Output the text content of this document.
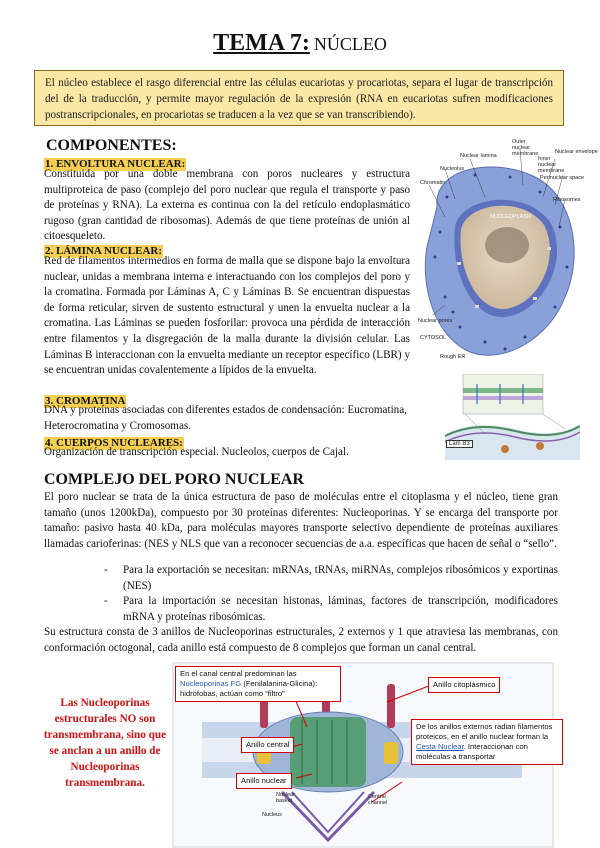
TEMA 7: NÚCLEO
El núcleo establece el rasgo diferencial entre las células eucariotas y procariotas, separa el lugar de transcripción del de la traducción, y permite mayor regulación de la expresión (RNA en eucariotas sufren modificaciones postranscripcionales, en procariotas se traducen a la vez que se van transcribiendo).
COMPONENTES:
1. ENVOLTURA NUCLEAR:
Constituida por una doble membrana con poros nucleares y estructura multiproteica de paso (complejo del poro nuclear que regula el transporte y paso de proteínas y RNA). La externa es continua con la del retículo endoplasmático rugoso (gran cantidad de ribosomas). Además de que tiene proteínas de unión al citoesqueleto.
2. LÁMINA NUCLEAR:
Red de filamentos intermedios en forma de malla que se dispone bajo la envoltura nuclear, unidas a membrana interna e interactuando con los complejos del poro y la cromatina. Formada por Láminas A, C y Láminas B. Se encuentran dispuestas de forma reticular, sirven de sustento estructural y unen la envuelta nuclear a la cromatina. Las Láminas se pueden fosforilar: provoca una pérdida de interacción entre filamentos y la disgregación de la malla durante la división celular. Las Láminas B interaccionan con la envuelta mediante un receptor específico (LBR) y se encuentran unidas covalentemente a lípidos de la envuelta.
3. CROMATINA
DNA y proteínas asociadas con diferentes estados de condensación: Eucromatina, Heterocromatina y Cromosomas.
4. CUERPOS NUCLEARES:
Organización de transcripción especial. Nucleolos, cuerpos de Cajal.
Outer nuclear membrane
Nuclear lamina	Inner nuclear membrane
Nuclear envelope
Nucleolus
Perinuclear space
Chromatin
Ribosomes
NUCLEOPLASM
Nuclear pores
CYTOSOL
Rough ER
Lam B3
COMPLEJO DEL PORO NUCLEAR
El poro nuclear se trata de la única estructura de paso de moléculas entre el citoplasma y el núcleo, tiene gran tamaño (unos 1200kDa), compuesto por 30 proteínas diferentes: Nucleoporinas. Y se encarga del transporte por tamaño: pasivo hasta 40 kDa, para moléculas mayores transporte selectivo dependiente de proteínas auxiliares llamadas carioferinas: (NES y NLS que van a reconocer secuencias de a.a. específicas que hacen de señal o “sello”.
- Para la exportación se necesitan: mRNAs, tRNAs, miRNAs, complejos ribosómicos y exportinas (NES)
- Para la importación se necesitan histonas, láminas, factores de transcripción, modificadores mRNA y proteínas ribosómicas.
Su estructura consta de 3 anillos de Nucleoporinas estructurales, 2 externos y 1 que atraviesa las membranas, con conformación octogonal, cada anillo está compuesto de 8 complejos que forman un canal central.
Las Nucleoporinas estructurales NO son transmembrana, sino que se anclan a un anillo de Nucleoporinas transmembrana.
En el canal central predominan las Nucleoporinas FG (Fenilalanina-Glicina): hidrófobas, actúan como “filtro”
Anillo citoplásmico
Anillo central
Anillo nuclear
De los anillos externos radian filamentos proteicos, en el anillo nuclear forman la Cesta Nuclear. Interaccionan con moléculas a transportar
Nuclear basket
Central channel
Nucleus
